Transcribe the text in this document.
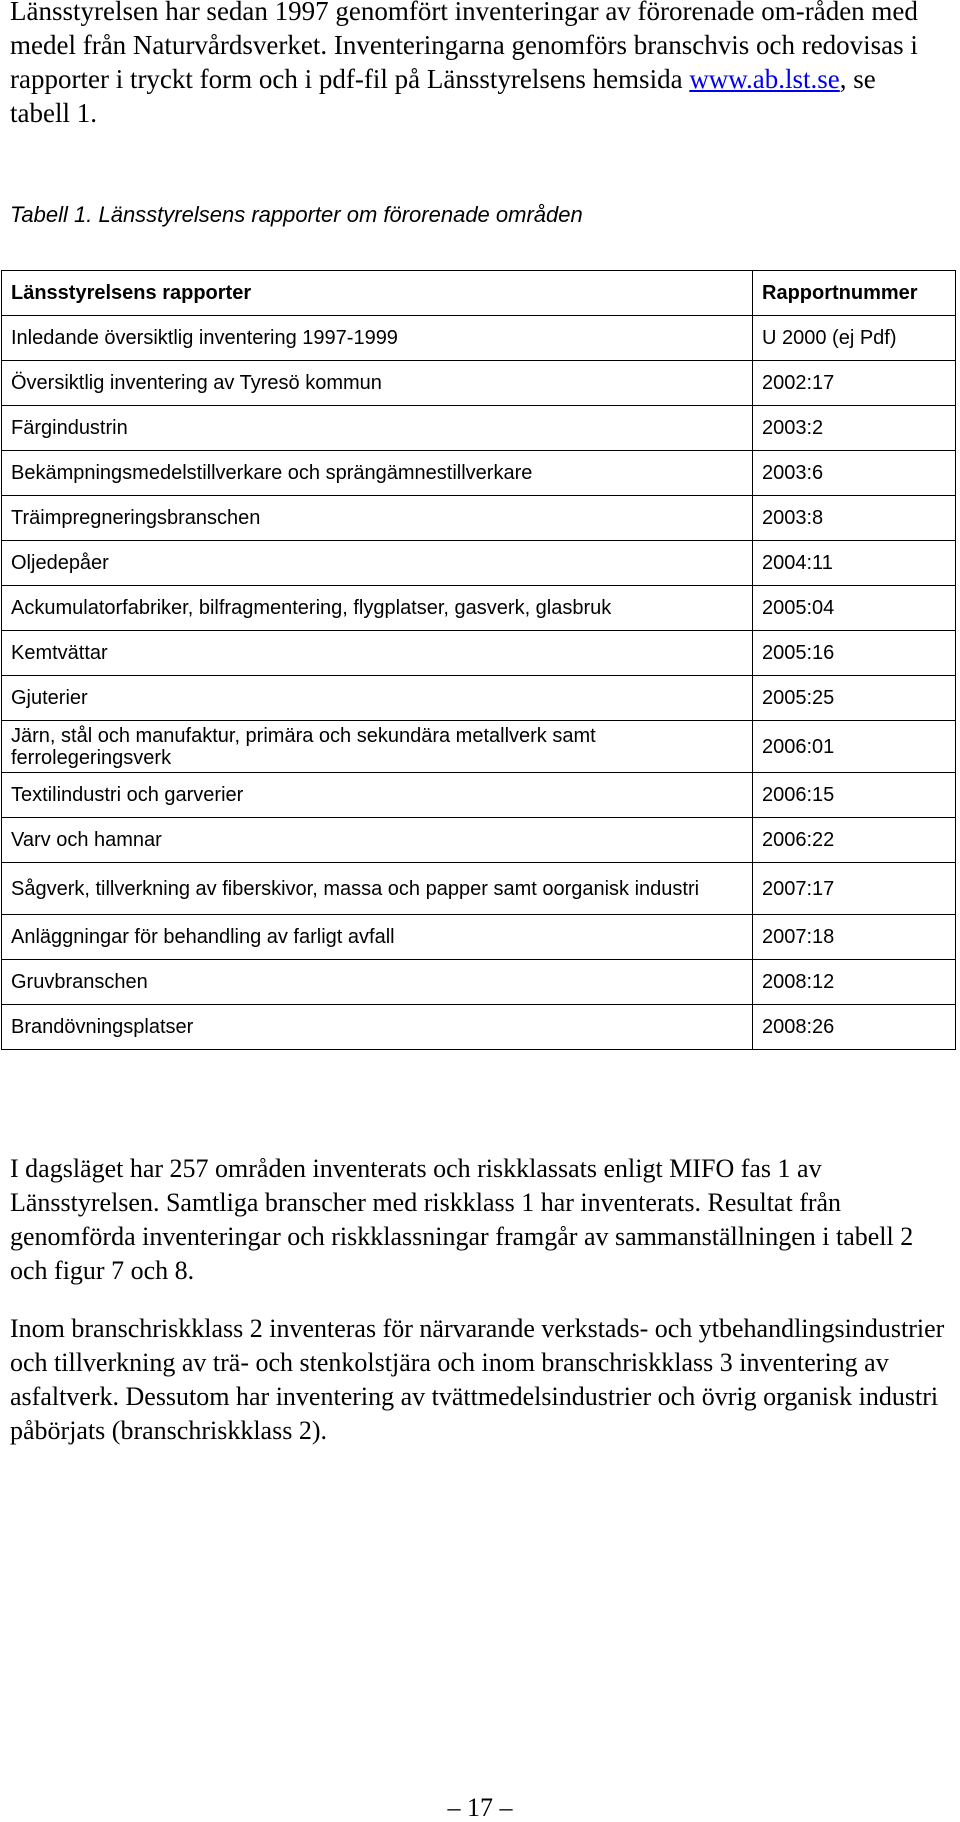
Länsstyrelsen har sedan 1997 genomfört inventeringar av förorenade om-råden med medel från Naturvårdsverket. Inventeringarna genomförs branschvis och redovisas i rapporter i tryckt form och i pdf-fil på Länsstyrelsens hemsida www.ab.lst.se, se tabell 1.

Tabell 1. Länsstyrelsens rapporter om förorenade områden

Länsstyrelsens rapporter	Rapportnummer
Inledande översiktlig inventering 1997-1999	U 2000 (ej Pdf)
Översiktlig inventering av Tyresö kommun	2002:17
Färgindustrin	2003:2
Bekämpningsmedelstillverkare och sprängämnestillverkare	2003:6
Träimpregneringsbranschen	2003:8
Oljedepåer	2004:11
Ackumulatorfabriker, bilfragmentering, flygplatser, gasverk, glasbruk	2005:04
Kemtvättar	2005:16
Gjuterier	2005:25
Järn, stål och manufaktur, primära och sekundära metallverk samt ferrolegeringsverk	2006:01
Textilindustri och garverier	2006:15
Varv och hamnar	2006:22
Sågverk, tillverkning av fiberskivor, massa och papper samt oorganisk industri	2007:17
Anläggningar för behandling av farligt avfall	2007:18
Gruvbranschen	2008:12
Brandövningsplatser	2008:26

I dagsläget har 257 områden inventerats och riskklassats enligt MIFO fas 1 av Länsstyrelsen. Samtliga branscher med riskklass 1 har inventerats. Resultat från genomförda inventeringar och riskklassningar framgår av sammanställningen i tabell 2 och figur 7 och 8.

Inom branschriskklass 2 inventeras för närvarande verkstads- och ytbehandlingsindustrier och tillverkning av trä- och stenkolstjära och inom branschriskklass 3 inventering av asfaltverk. Dessutom har inventering av tvättmedelsindustrier och övrig organisk industri påbörjats (branschriskklass 2).

– 17 –
